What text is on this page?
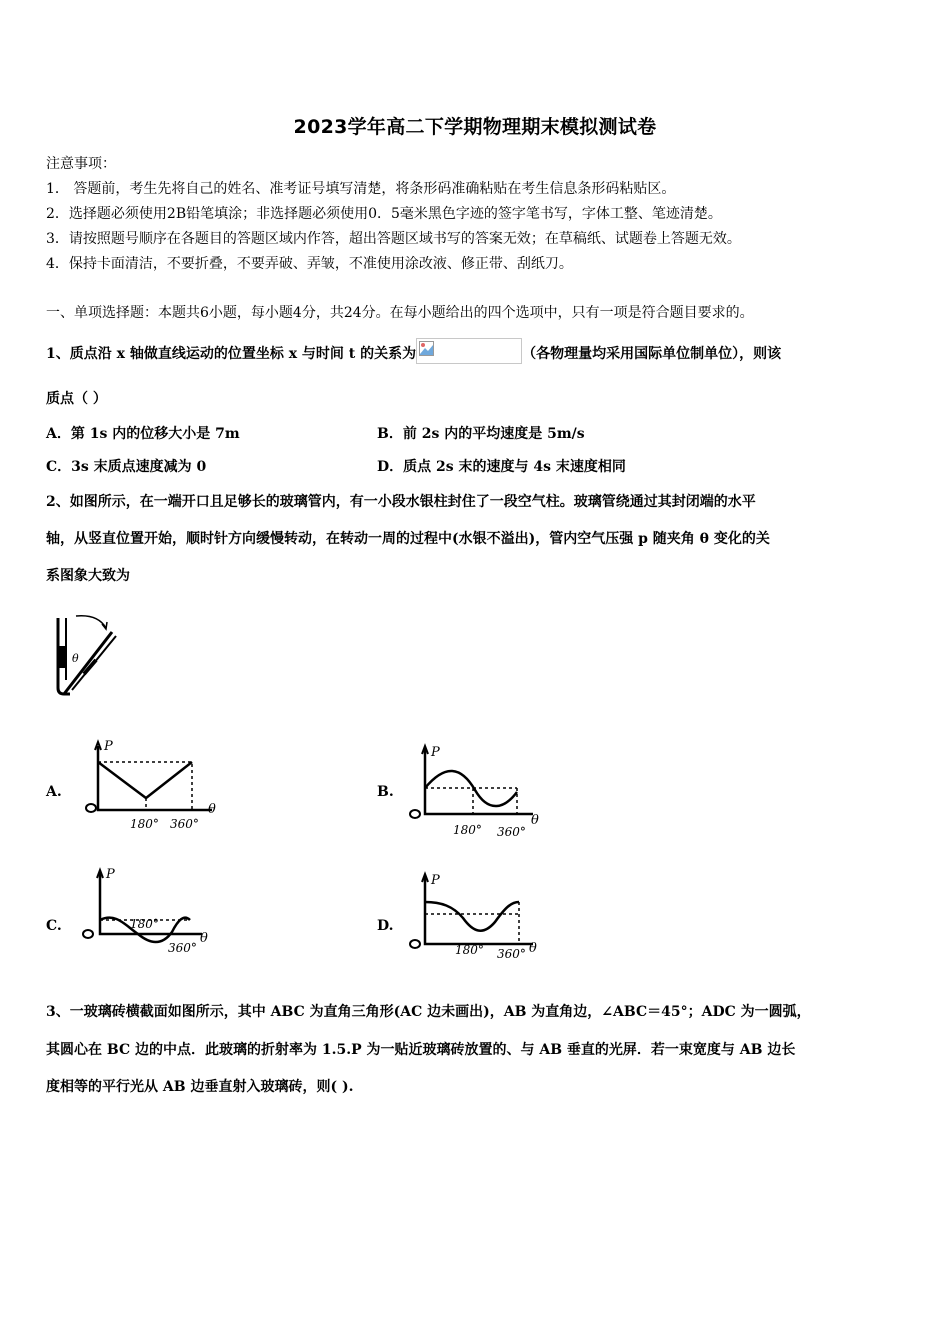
2023学年高二下学期物理期末模拟测试卷
注意事项：
1． 答题前，考生先将自己的姓名、准考证号填写清楚，将条形码准确粘贴在考生信息条形码粘贴区。
2．选择题必须使用2B铅笔填涂；非选择题必须使用0．5毫米黑色字迹的签字笔书写，字体工整、笔迹清楚。
3．请按照题号顺序在各题目的答题区域内作答，超出答题区域书写的答案无效；在草稿纸、试题卷上答题无效。
4．保持卡面清洁，不要折叠，不要弄破、弄皱，不准使用涂改液、修正带、刮纸刀。
一、单项选择题：本题共6小题，每小题4分，共24分。在每小题给出的四个选项中，只有一项是符合题目要求的。
1、质点沿 x 轴做直线运动的位置坐标 x 与时间 t 的关系为	（各物理量均采用国际单位制单位），则该
质点（ ）
A．第 1s 内的位移大小是 7m	B．前 2s 内的平均速度是 5m/s
C．3s 末质点速度减为 0	D．质点 2s 末的速度与 4s 末速度相同
2、如图所示，在一端开口且足够长的玻璃管内，有一小段水银柱封住了一段空气柱。玻璃管绕通过其封闭端的水平
轴，从竖直位置开始，顺时针方向缓慢转动，在转动一周的过程中(水银不溢出)，管内空气压强 p 随夹角 θ 变化的关
系图象大致为
θ
A.
P
θ
180° 360°
B.
P
θ
180° 360°
C.
P
θ
180°
360°
D.
P
θ
180° 360°
3、一玻璃砖横截面如图所示，其中 ABC 为直角三角形(AC 边未画出)，AB 为直角边，∠ABC＝45°；ADC 为一圆弧，
其圆心在 BC 边的中点．此玻璃的折射率为 1.5.P 为一贴近玻璃砖放置的、与 AB 垂直的光屏．若一束宽度与 AB 边长
度相等的平行光从 AB 边垂直射入玻璃砖，则( ).
